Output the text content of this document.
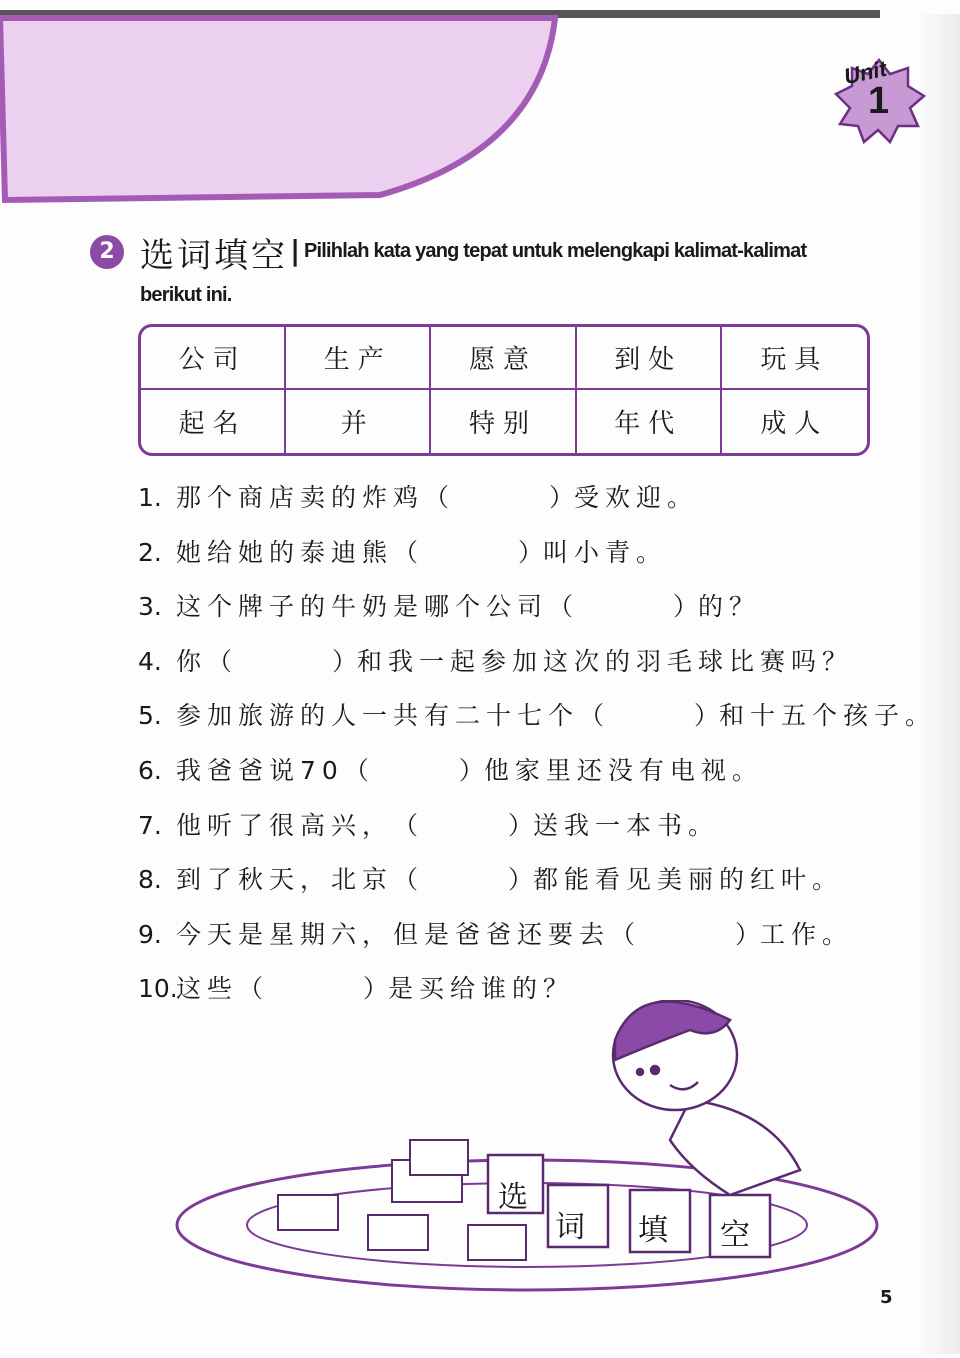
Unit
1
2 选词填空 | Pilihlah kata yang tepat untuk melengkapi kalimat-kalimat
berikut ini.
公司	生产	愿意	到处	玩具
起名	并	特别	年代	成人
1. 那个商店卖的炸鸡（	）受欢迎。
2. 她给她的泰迪熊（	）叫小青。
3. 这个牌子的牛奶是哪个公司（	）的？
4. 你（	）和我一起参加这次的羽毛球比赛吗？
5. 参加旅游的人一共有二十七个（	）和十五个孩子。
6. 我爸爸说70（	）他家里还没有电视。
7. 他听了很高兴，（	）送我一本书。
8. 到了秋天，北京（	）都能看见美丽的红叶。
9. 今天是星期六，但是爸爸还要去（	）工作。
10.这些（	）是买给谁的？
选
词 填 空
5
